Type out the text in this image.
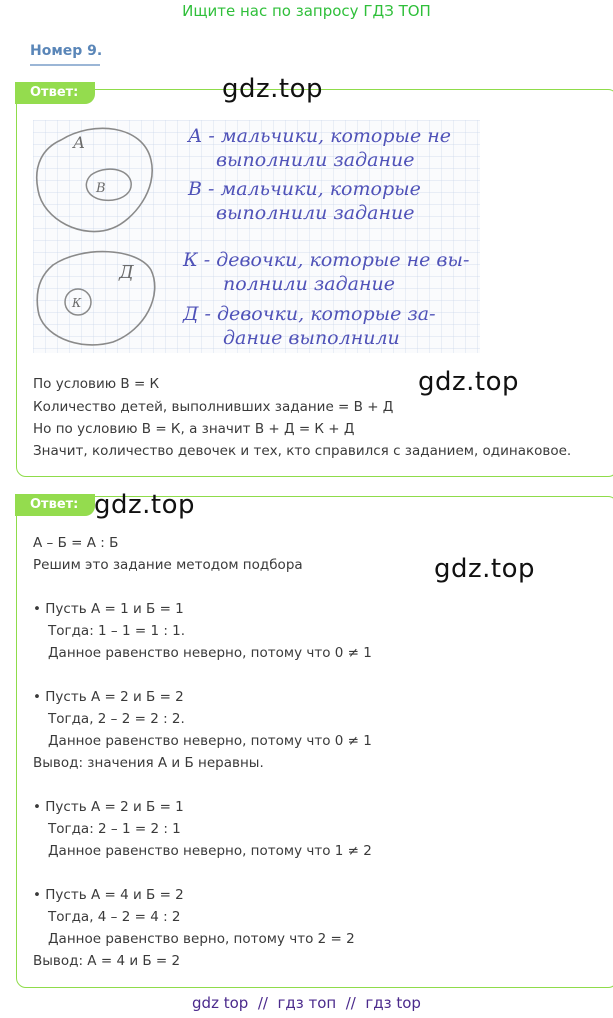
Ищите нас по запросу ГДЗ ТОП
Номер 9.
Ответ:	gdz.top
А
В
Д
К
А - мальчики, которые не
выполнили задание
В - мальчики, которые
выполнили задание
К - девочки, которые не вы-
полнили задание
Д - девочки, которые за-
дание выполнили
gdz.top
По условию В = К
Количество детей, выполнивших задание = В + Д
Но по условию В = К, а значит В + Д = К + Д
Значит, количество девочек и тех, кто справился с заданием, одинаковое.
Ответ: gdz.top
gdz.top
А – Б = А : Б
Решим это задание методом подбора
• Пусть А = 1 и Б = 1
Тогда: 1 – 1 = 1 : 1.
Данное равенство неверно, потому что 0 ≠ 1
• Пусть А = 2 и Б = 2
Тогда, 2 – 2 = 2 : 2.
Данное равенство неверно, потому что 0 ≠ 1
Вывод: значения А и Б неравны.
• Пусть А = 2 и Б = 1
Тогда: 2 – 1 = 2 : 1
Данное равенство неверно, потому что 1 ≠ 2
• Пусть А = 4 и Б = 2
Тогда, 4 – 2 = 4 : 2
Данное равенство верно, потому что 2 = 2
Вывод: А = 4 и Б = 2
gdz top  //  гдз топ  //  гдз top
